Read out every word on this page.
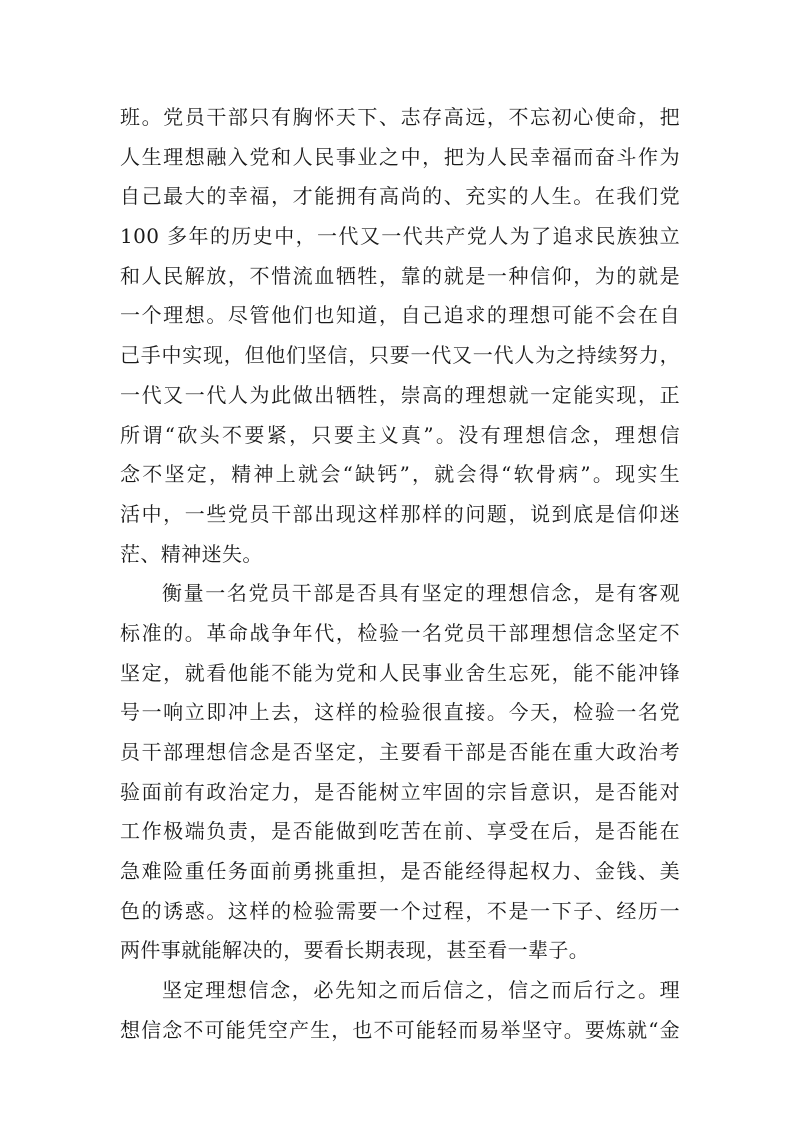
班。党员干部只有胸怀天下、志存高远，不忘初心使命，把
人生理想融入党和人民事业之中，把为人民幸福而奋斗作为
自己最大的幸福，才能拥有高尚的、充实的人生。在我们党
100 多年的历史中，一代又一代共产党人为了追求民族独立
和人民解放，不惜流血牺牲，靠的就是一种信仰，为的就是
一个理想。尽管他们也知道，自己追求的理想可能不会在自
己手中实现，但他们坚信，只要一代又一代人为之持续努力，
一代又一代人为此做出牺牲，崇高的理想就一定能实现，正
所谓“砍头不要紧，只要主义真”。没有理想信念，理想信
念不坚定，精神上就会“缺钙”，就会得“软骨病”。现实生
活中，一些党员干部出现这样那样的问题，说到底是信仰迷
茫、精神迷失。
衡量一名党员干部是否具有坚定的理想信念，是有客观
标准的。革命战争年代，检验一名党员干部理想信念坚定不
坚定，就看他能不能为党和人民事业舍生忘死，能不能冲锋
号一响立即冲上去，这样的检验很直接。今天，检验一名党
员干部理想信念是否坚定，主要看干部是否能在重大政治考
验面前有政治定力，是否能树立牢固的宗旨意识，是否能对
工作极端负责，是否能做到吃苦在前、享受在后，是否能在
急难险重任务面前勇挑重担，是否能经得起权力、金钱、美
色的诱惑。这样的检验需要一个过程，不是一下子、经历一
两件事就能解决的，要看长期表现，甚至看一辈子。
坚定理想信念，必先知之而后信之，信之而后行之。理
想信念不可能凭空产生，也不可能轻而易举坚守。要炼就“金
